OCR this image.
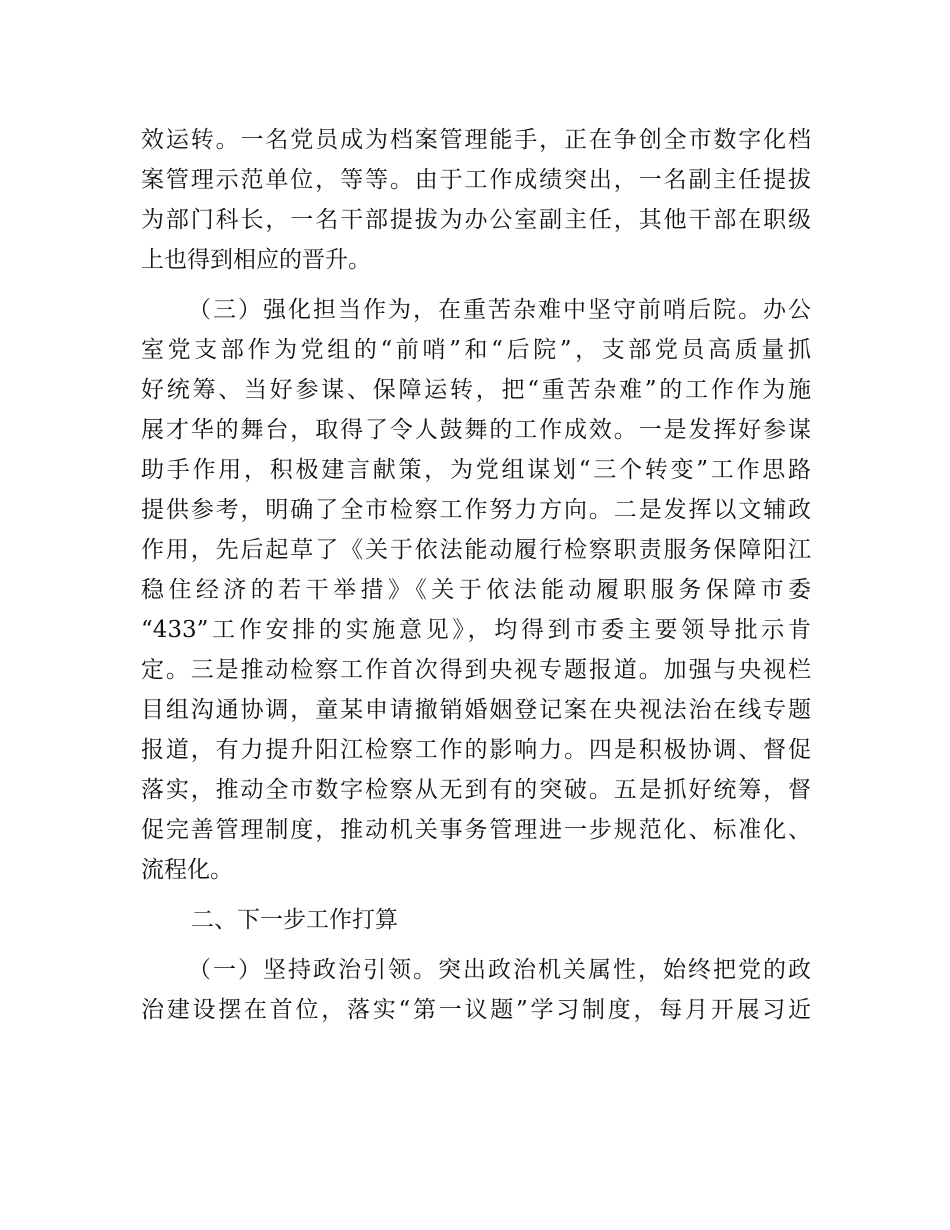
效运转。一名党员成为档案管理能手，正在争创全市数字化档
案管理示范单位，等等。由于工作成绩突出，一名副主任提拔
为部门科长，一名干部提拔为办公室副主任，其他干部在职级
上也得到相应的晋升。
（三）强化担当作为，在重苦杂难中坚守前哨后院。办公
室党支部作为党组的“前哨”和“后院”，支部党员高质量抓
好统筹、当好参谋、保障运转，把“重苦杂难”的工作作为施
展才华的舞台，取得了令人鼓舞的工作成效。一是发挥好参谋
助手作用，积极建言献策，为党组谋划“三个转变”工作思路
提供参考，明确了全市检察工作努力方向。二是发挥以文辅政
作用，先后起草了《关于依法能动履行检察职责服务保障阳江
稳住经济的若干举措》《关于依法能动履职服务保障市委
“433”工作安排的实施意见》，均得到市委主要领导批示肯
定。三是推动检察工作首次得到央视专题报道。加强与央视栏
目组沟通协调，童某申请撤销婚姻登记案在央视法治在线专题
报道，有力提升阳江检察工作的影响力。四是积极协调、督促
落实，推动全市数字检察从无到有的突破。五是抓好统筹，督
促完善管理制度，推动机关事务管理进一步规范化、标准化、
流程化。
二、下一步工作打算
（一）坚持政治引领。突出政治机关属性，始终把党的政
治建设摆在首位，落实“第一议题”学习制度，每月开展习近
